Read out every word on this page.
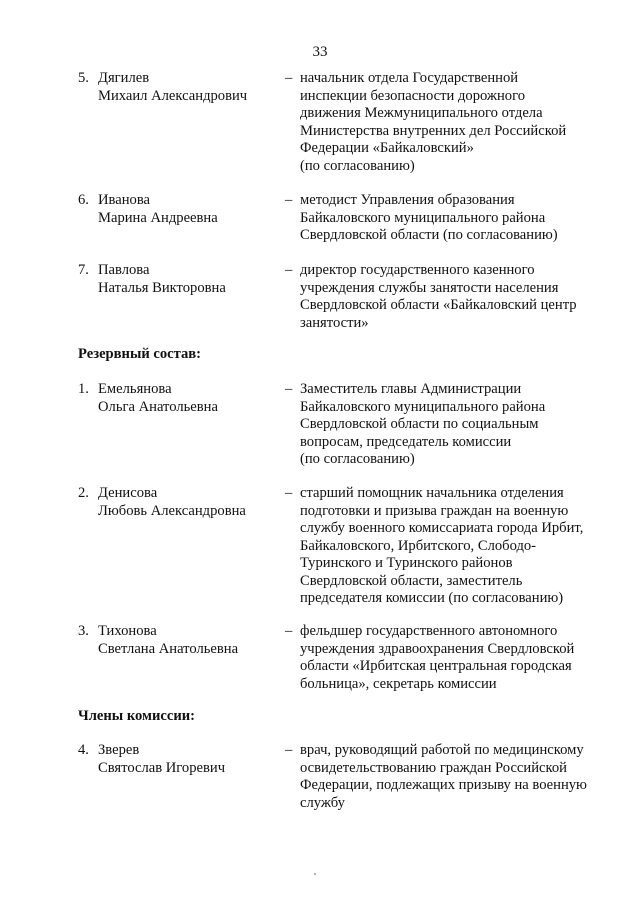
33
5. Дягилев
Михаил Александрович
– начальник отдела Государственной
инспекции безопасности дорожного
движения Межмуниципального отдела
Министерства внутренних дел Российской
Федерации «Байкаловский»
(по согласованию)
6. Иванова
Марина Андреевна
– методист Управления образования
Байкаловского муниципального района
Свердловской области (по согласованию)
7. Павлова
Наталья Викторовна
– директор государственного казенного
учреждения службы занятости населения
Свердловской области «Байкаловский центр
занятости»
Резервный состав:
1. Емельянова
Ольга Анатольевна
– Заместитель главы Администрации
Байкаловского муниципального района
Свердловской области по социальным
вопросам, председатель комиссии
(по согласованию)
2. Денисова
Любовь Александровна
– старший помощник начальника отделения
подготовки и призыва граждан на военную
службу военного комиссариата города Ирбит,
Байкаловского, Ирбитского, Слободо-
Туринского и Туринского районов
Свердловской области, заместитель
председателя комиссии (по согласованию)
3. Тихонова
Светлана Анатольевна
– фельдшер государственного автономного
учреждения здравоохранения Свердловской
области «Ирбитская центральная городская
больница», секретарь комиссии
Члены комиссии:
4. Зверев
Святослав Игоревич
– врач, руководящий работой по медицинскому
освидетельствованию граждан Российской
Федерации, подлежащих призыву на военную
службу
